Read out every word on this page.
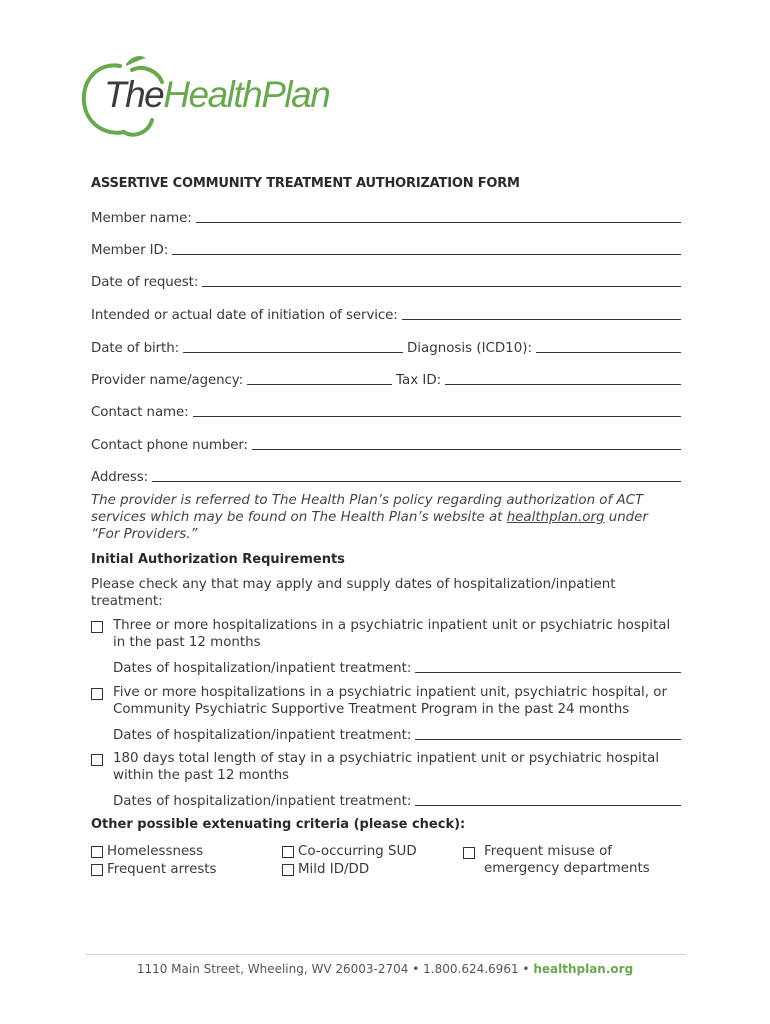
TheHealthPlan
ASSERTIVE COMMUNITY TREATMENT AUTHORIZATION FORM
Member name:
Member ID:
Date of request:
Intended or actual date of initiation of service:
Date of birth:	Diagnosis (ICD10):
Provider name/agency:	Tax ID:
Contact name:
Contact phone number:
Address:
The provider is referred to The Health Plan’s policy regarding authorization of ACT services which may be found on The Health Plan’s website at healthplan.org under “For Providers.”
Initial Authorization Requirements
Please check any that may apply and supply dates of hospitalization/inpatient treatment:
Three or more hospitalizations in a psychiatric inpatient unit or psychiatric hospital in the past 12 months
Dates of hospitalization/inpatient treatment:
Five or more hospitalizations in a psychiatric inpatient unit, psychiatric hospital, or Community Psychiatric Supportive Treatment Program in the past 24 months
Dates of hospitalization/inpatient treatment:
180 days total length of stay in a psychiatric inpatient unit or psychiatric hospital within the past 12 months
Dates of hospitalization/inpatient treatment:
Other possible extenuating criteria (please check):
Homelessness
Frequent arrests
Co-occurring SUD
Mild ID/DD
Frequent misuse of emergency departments
1110 Main Street, Wheeling, WV 26003-2704 • 1.800.624.6961 • healthplan.org
